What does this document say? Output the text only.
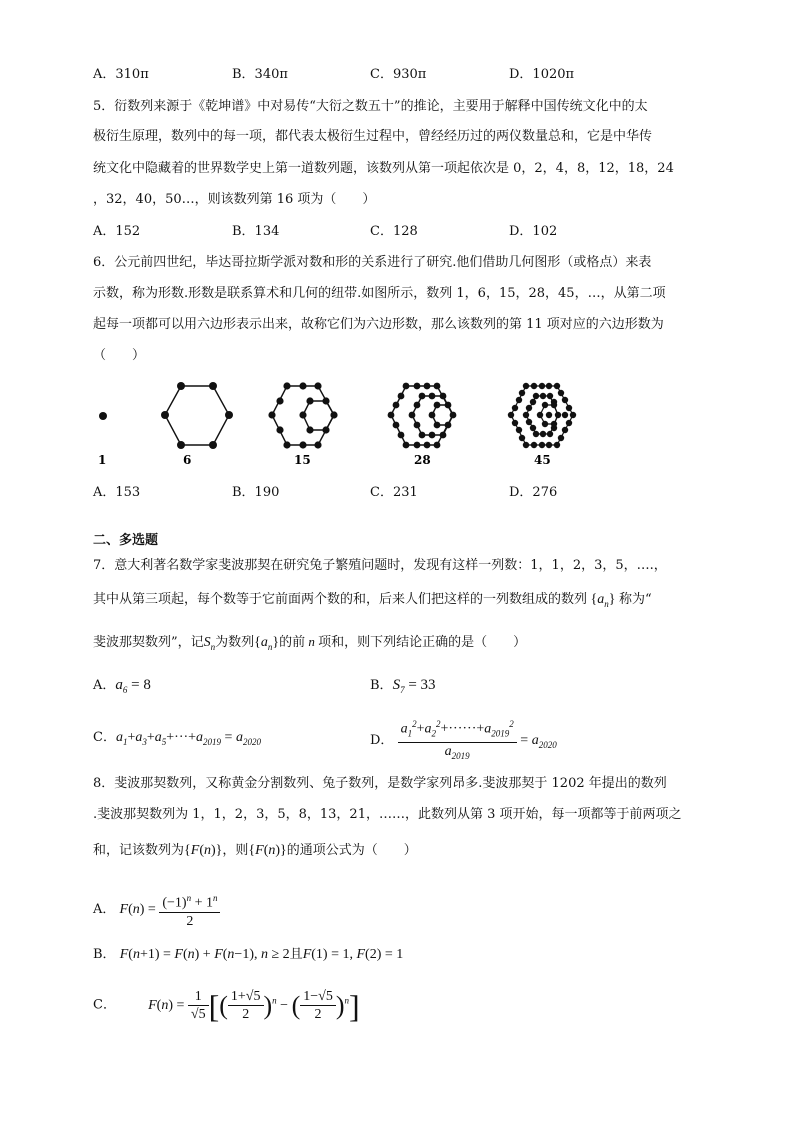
A．310π	B．340π	C．930π	D．1020π
5．衍数列来源于《乾坤谱》中对易传“大衍之数五十”的推论，主要用于解释中国传统文化中的太
极衍生原理，数列中的每一项，都代表太极衍生过程中，曾经经历过的两仪数量总和，它是中华传
统文化中隐藏着的世界数学史上第一道数列题，该数列从第一项起依次是 0，2，4，8，12，18，24
，32，40，50…，则该数列第 16 项为（　　）
A．152	B．134	C．128	D．102
6．公元前四世纪，毕达哥拉斯学派对数和形的关系进行了研究.他们借助几何图形（或格点）来表
示数，称为形数.形数是联系算术和几何的纽带.如图所示，数列 1，6，15，28，45，…，从第二项
起每一项都可以用六边形表示出来，故称它们为六边形数，那么该数列的第 11 项对应的六边形数为
（　　）
1	6	15	28	45
A．153	B．190	C．231	D．276
二、多选题
7．意大利著名数学家斐波那契在研究兔子繁殖问题时，发现有这样一列数：1，1，2，3，5，….，
其中从第三项起，每个数等于它前面两个数的和，后来人们把这样的一列数组成的数列 $\{a_n\}$ 称为“
斐波那契数列”，记$S_n$为数列$\{a_n\}$的前 n 项和，则下列结论正确的是（　　）
A．$a_6 = 8$	B．$S_7 = 33$
C．$a_1+a_3+a_5+\cdot\cdot\cdot+a_{2019} = a_{2020}$	D． $\frac{a_1^2+a_2^2+\cdot\cdot\cdot\cdot\cdot\cdot+a_{2019}^2}{a_{2019}} = a_{2020}$
8．斐波那契数列，又称黄金分割数列、兔子数列，是数学家列昂多.斐波那契于 1202 年提出的数列
.斐波那契数列为 1，1，2，3，5，8，13，21，……，此数列从第 3 项开始，每一项都等于前两项之
和，记该数列为{F(n)}，则{F(n)}的通项公式为（　　）
A． $F(n) = \frac{(-1)^n + 1^n}{2}$
B． F(n+1) = F(n) + F(n−1), n ≥ 2且F(1) = 1, F(2) = 1
C． $F(n) = \frac{1}{√5}$ [( $\frac{1+√5}{2} )^n$ − ( $\frac{1-√5}{2} )^n$]
